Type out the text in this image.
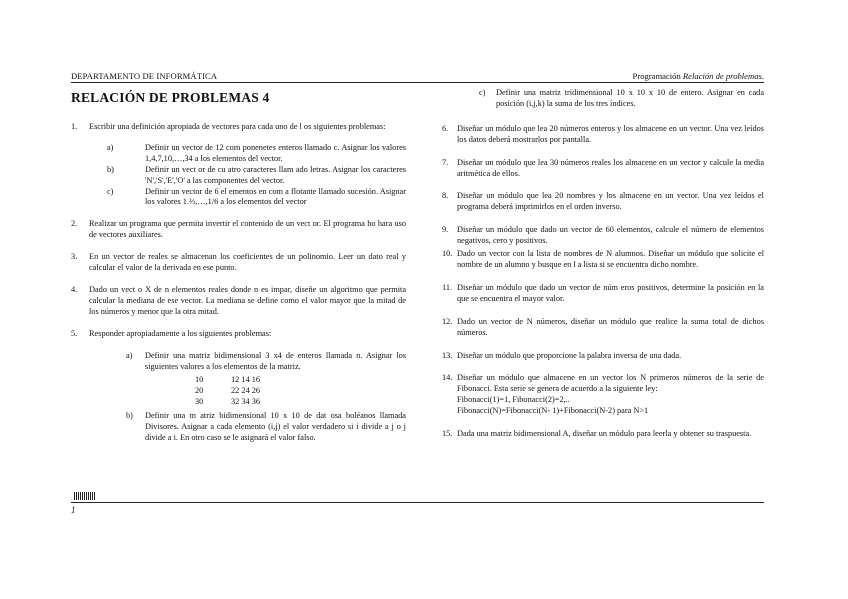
DEPARTAMENTO DE INFORMÁTICA	Programación Relación de problemas.
RELACIÓN DE PROBLEMAS 4
1. Escribir una definición apropiada de vectores para cada uno de l os siguientes problemas:
a)	Definir un vector de 12 com ponenetes enteros llamado c. Asignar los valores 1,4,7,10,…,34 a los elementos del vector.
b)	Definir un vect or de cu atro caracteres llam ado letras. Asignar los caracteres 'N','S','E','O' a las componentes del vector.
c)	Definir un vector de 6 el ementos en com a flotante llamado sucesión. Asignar los valores 1.⅔,…,1/6 a los elementos del vector
2. Realizar un programa que permita invertir el contenido de un vect or. El programa ho hara uso de vectores auxiliares.
3. En un vector de reales se almacenan los coeficientes de un polinomio. Leer un dato real y calcular el valor de la derivada en ese punto.
4. Dado un vect o X de n elementos reales donde n es impar, diseñe un algoritmo que permita calcular la mediana de ese vector. La mediana se define como el valor mayor que la mitad de los números y menor que la otra mitad.
5. Responder apropiadamente a los siguientes problemas:
a) Definir una matriz bidimensional 3 x4 de enteros llamada n. Asignar los siguientes valores a los elementos de la matriz.
10	12 14 16
20	22 24 26
30	32 34 36
b) Definir una m atriz bidimensional 10 x 10 de dat osa boléanos llamada Divisores. Asignar a cada elemento (i,j) el valor verdadero si i divide a j o j divide a i. En otro caso se le asignará el valor falso.
c) Definir una matriz tridimensional 10 x 10 x 10 de entero. Asignar en cada posición (i,j,k) la suma de los tres índices.
6. Diseñar un módulo que lea 20 números enteros y los almacene en un vector. Una vez leídos los datos deberá mostrarlos por pantalla.
7. Diseñar un módulo que lea 30 números reales los almacene en un vector y calcule la media aritmética de ellos.
8. Diseñar un módulo que lea 20 nombres y los almacene en un vector. Una vez leídos el programa deberá imprimirlos en el orden inverso.
9. Diseñar un módulo que dado un vector de 60 elementos, calcule el número de elementos negativos, cero y positivos.
10. Dado un vector con la lista de nombres de N alumnos. Diseñar un módulo que solicite el nombre de un alumno y busque en l a lista si se encuentra dicho nombre.
11. Diseñar un módulo que dado un vector de núm eros positivos, determine la posición en la que se encuentra el mayor valor.
12. Dado un vector de N números, diseñar un módulo que realice la suma total de dichos números.
13. Diseñar un módulo que proporcione la palabra inversa de una dada.
14. Diseñar un módulo que almacene en un vector los N primeros números de la serie de Fibonacci. Esta serie se genera de acuerdo a la siguiente ley:
Fibonacci(1)=1, Fibonacci(2)=2,..
Fibonacci(N)=Fibonacci(N- 1)+Fibonacci(N-2) para N>1
15. Dada una matriz bidimensional A, diseñar un módulo para leerla y obtener su traspuesta.
1
